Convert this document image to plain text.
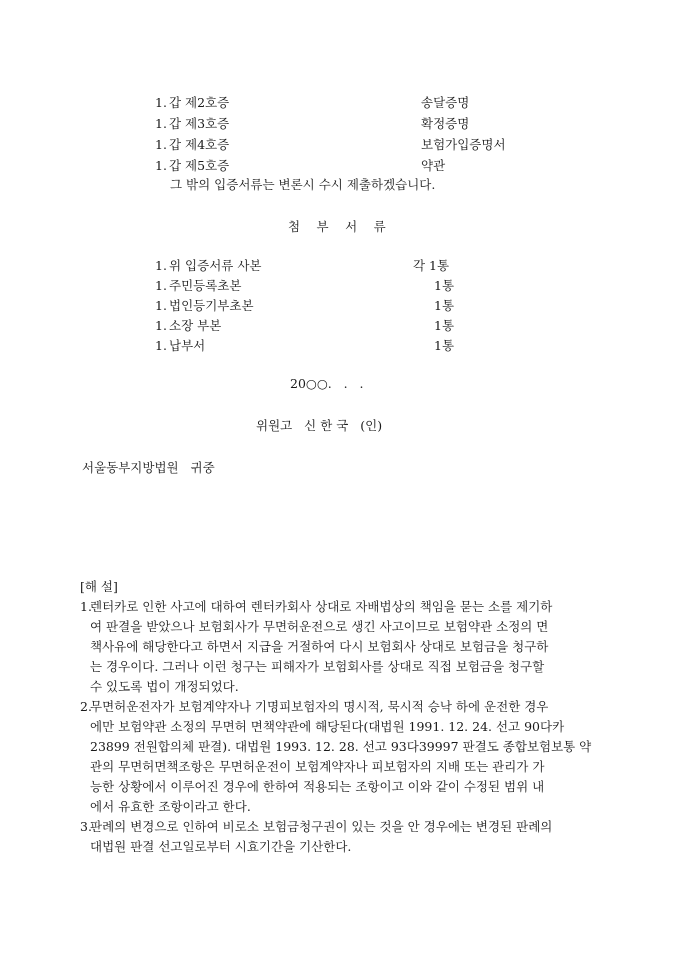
1. 갑 제2호증	송달증명
1. 갑 제3호증	확정증명
1. 갑 제4호증	보험가입증명서
1. 갑 제5호증	약관
그 밖의 입증서류는 변론시 수시 제출하겠습니다.
첨 부 서 류
1. 위 입증서류 사본	각 1통
1. 주민등록초본	1통
1. 법인등기부초본	1통
1. 소장 부본	1통
1. 납부서	1통
20○○.   .   .
위원고   신 한 국   (인)
서울동부지방법원   귀중
[해 설]
1.
렌터카로 인한 사고에 대하여 렌터카회사 상대로 자배법상의 책임을 묻는 소를 제기하
여 판결을 받았으나 보험회사가 무면허운전으로 생긴 사고이므로 보험약관 소정의 면
책사유에 해당한다고 하면서 지급을 거절하여 다시 보험회사 상대로 보험금을 청구하
는 경우이다. 그러나 이런 청구는 피해자가 보험회사를 상대로 직접 보험금을 청구할
수 있도록 법이 개정되었다.
2.
무면허운전자가 보험계약자나 기명피보험자의 명시적, 묵시적 승낙 하에 운전한 경우
에만 보험약관 소정의 무면허 면책약관에 해당된다(대법원 1991. 12. 24. 선고 90다카
23899 전원합의체 판결). 대법원 1993. 12. 28. 선고 93다39997 판결도 종합보험보통 약
관의 무면허면책조항은 무면허운전이 보험계약자나 피보험자의 지배 또는 관리가 가
능한 상황에서 이루어진 경우에 한하여 적용되는 조항이고 이와 같이 수정된 범위 내
에서 유효한 조항이라고 한다.
3.
판례의 변경으로 인하여 비로소 보험금청구권이 있는 것을 안 경우에는 변경된 판례의
대법원 판결 선고일로부터 시효기간을 기산한다.
